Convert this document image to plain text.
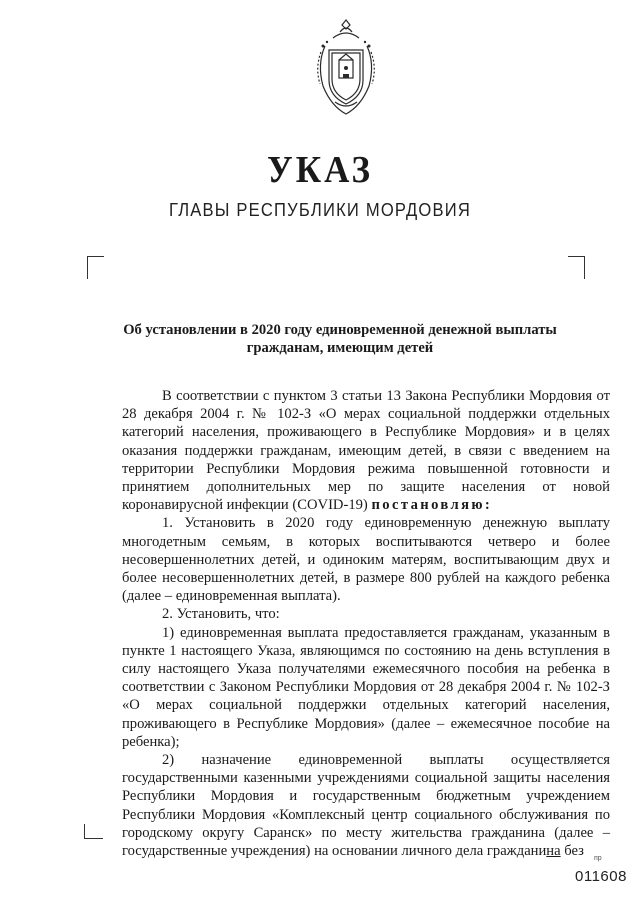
УКАЗ
ГЛАВЫ РЕСПУБЛИКИ МОРДОВИЯ
Об установлении в 2020 году единовременной денежной выплаты
гражданам, имеющим детей

В соответствии с пунктом 3 статьи 13 Закона Республики Мордовия от 28 декабря 2004 г. № 102-З «О мерах социальной поддержки отдельных категорий населения, проживающего в Республике Мордовия» и в целях оказания поддержки гражданам, имеющим детей, в связи с введением на территории Республики Мордовия режима повышенной готовности и принятием дополнительных мер по защите населения от новой коронавирусной инфекции (COVID-19) постановляю:

1. Установить в 2020 году единовременную денежную выплату многодетным семьям, в которых воспитываются четверо и более несовершеннолетних детей, и одиноким матерям, воспитывающим двух и более несовершеннолетних детей, в размере 800 рублей на каждого ребенка (далее – единовременная выплата).

2. Установить, что:

1) единовременная выплата предоставляется гражданам, указанным в пункте 1 настоящего Указа, являющимся по состоянию на день вступления в силу настоящего Указа получателями ежемесячного пособия на ребенка в соответствии с Законом Республики Мордовия от 28 декабря 2004 г. № 102-З «О мерах социальной поддержки отдельных категорий населения, проживающего в Республике Мордовия» (далее – ежемесячное пособие на ребенка);

2) назначение единовременной выплаты осуществляется государственными казенными учреждениями социальной защиты населения Республики Мордовия и государственным бюджетным учреждением Республики Мордовия «Комплексный центр социального обслуживания по городскому округу Саранск» по месту жительства гражданина (далее – государственные учреждения) на основании личного дела гражданина без	пр
011608
